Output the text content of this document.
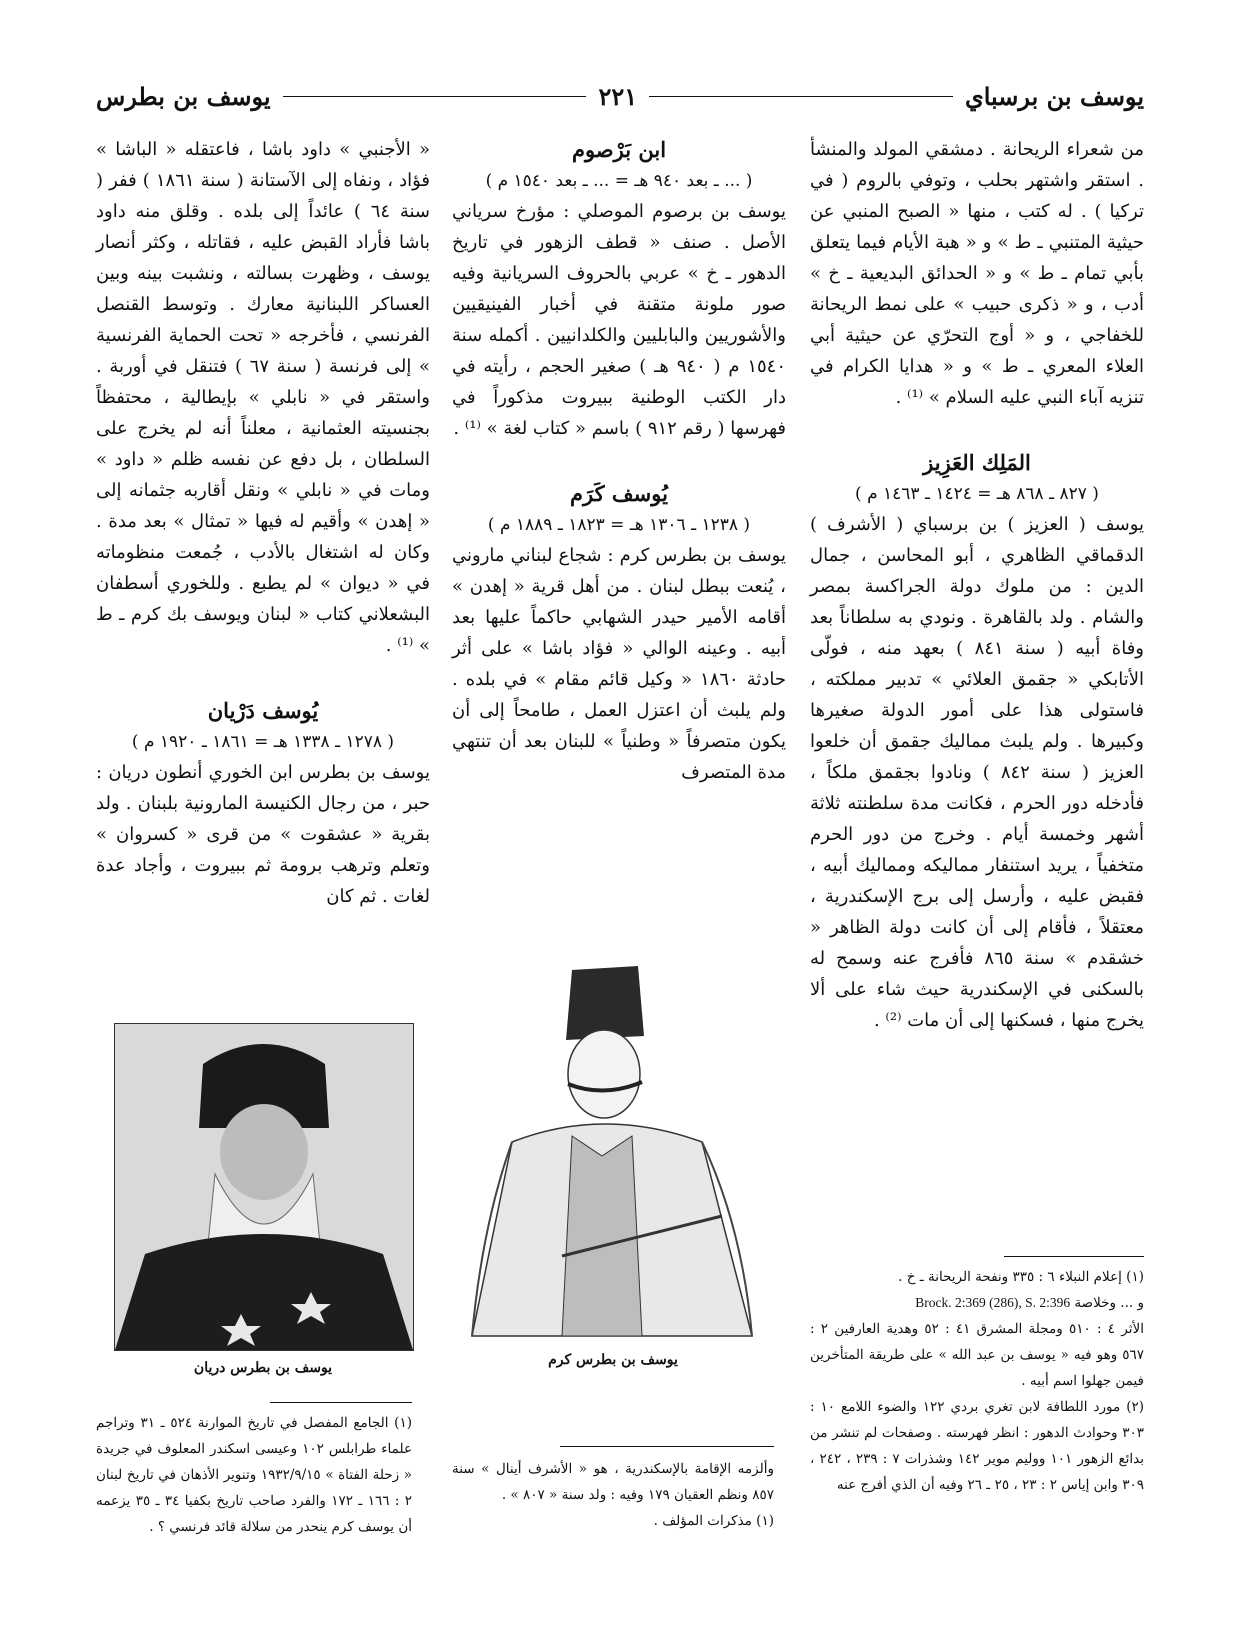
يوسف بن برسباي
٢٢١
يوسف بن بطرس

من شعراء الريحانة . دمشقي المولد والمنشأ . استقر واشتهر بحلب ، وتوفي بالروم ( في تركيا ) . له كتب ، منها « الصبح المنبي عن حيثية المتنبي ـ ط » و « هبة الأيام فيما يتعلق بأبي تمام ـ ط » و « الحدائق البديعية ـ خ » أدب ، و « ذكرى حبيب » على نمط الريحانة للخفاجي ، و « أوج التحرّي عن حيثية أبي العلاء المعري ـ ط » و « هدايا الكرام في تنزيه آباء النبي عليه السلام » ⁽¹⁾ .

المَلِك العَزِيز

( ٨٢٧ ـ ٨٦٨ هـ = ١٤٢٤ ـ ١٤٦٣ م )

يوسف ( العزيز ) بن برسباي ( الأشرف ) الدقماقي الظاهري ، أبو المحاسن ، جمال الدين : من ملوك دولة الجراكسة بمصر والشام . ولد بالقاهرة . ونودي به سلطاناً بعد وفاة أبيه ( سنة ٨٤١ ) بعهد منه ، فولّى الأتابكي « جقمق العلائي » تدبير مملكته ، فاستولى هذا على أمور الدولة صغيرها وكبيرها . ولم يلبث مماليك جقمق أن خلعوا العزيز ( سنة ٨٤٢ ) ونادوا بجقمق ملكاً ، فأدخله دور الحرم ، فكانت مدة سلطنته ثلاثة أشهر وخمسة أيام . وخرج من دور الحرم متخفياً ، يريد استنفار مماليكه ومماليك أبيه ، فقبض عليه ، وأرسل إلى برج الإسكندرية ، معتقلاً ، فأقام إلى أن كانت دولة الظاهر « خشقدم » سنة ٨٦٥ فأفرج عنه وسمح له بالسكنى في الإسكندرية حيث شاء على ألا يخرج منها ، فسكنها إلى أن مات ⁽²⁾ .

ابن بَرْصوم

( ... ـ بعد ٩٤٠ هـ = ... ـ بعد ١٥٤٠ م )

يوسف بن برصوم الموصلي : مؤرخ سرياني الأصل . صنف « قطف الزهور في تاريخ الدهور ـ خ » عربي بالحروف السريانية وفيه صور ملونة متقنة في أخبار الفينيقيين والأشوريين والبابليين والكلدانيين . أكمله سنة ١٥٤٠ م ( ٩٤٠ هـ ) صغير الحجم ، رأيته في دار الكتب الوطنية ببيروت مذكوراً في فهرسها ( رقم ٩١٢ ) باسم « كتاب لغة » ⁽¹⁾ .

يُوسف كَرَم

( ١٢٣٨ ـ ١٣٠٦ هـ = ١٨٢٣ ـ ١٨٨٩ م )

يوسف بن بطرس كرم : شجاع لبناني ماروني ، يُنعت ببطل لبنان . من أهل قرية « إهدن » أقامه الأمير حيدر الشهابي حاكماً عليها بعد أبيه . وعينه الوالي « فؤاد باشا » على أثر حادثة ١٨٦٠ « وكيل قائم مقام » في بلده . ولم يلبث أن اعتزل العمل ، طامحاً إلى أن يكون متصرفاً « وطنياً » للبنان بعد أن تنتهي مدة المتصرف

« الأجنبي » داود باشا ، فاعتقله « الباشا » فؤاد ، ونفاه إلى الآستانة ( سنة ١٨٦١ ) ففر ( سنة ٦٤ ) عائداً إلى بلده . وقلق منه داود باشا فأراد القبض عليه ، فقاتله ، وكثر أنصار يوسف ، وظهرت بسالته ، ونشبت بينه وبين العساكر اللبنانية معارك . وتوسط القنصل الفرنسي ، فأخرجه « تحت الحماية الفرنسية » إلى فرنسة ( سنة ٦٧ ) فتنقل في أوربة . واستقر في « نابلي » بإيطالية ، محتفظاً بجنسيته العثمانية ، معلناً أنه لم يخرج على السلطان ، بل دفع عن نفسه ظلم « داود » ومات في « نابلي » ونقل أقاربه جثمانه إلى « إهدن » وأقيم له فيها « تمثال » بعد مدة . وكان له اشتغال بالأدب ، جُمعت منظوماته في « ديوان » لم يطبع . وللخوري أسطفان البشعلاني كتاب « لبنان ويوسف بك كرم ـ ط » ⁽¹⁾ .

يُوسف دَرْيان

( ١٢٧٨ ـ ١٣٣٨ هـ = ١٨٦١ ـ ١٩٢٠ م )

يوسف بن بطرس ابن الخوري أنطون دريان : حبر ، من رجال الكنيسة المارونية بلبنان . ولد بقرية « عشقوت » من قرى « كسروان » وتعلم وترهب برومة ثم ببيروت ، وأجاد عدة لغات . ثم كان

يوسف بن بطرس كرم
يوسف بن بطرس دريان

(١) إعلام النبلاء ٦ : ٣٣٥ ونفحة الريحانة ـ خ .

و ... وخلاصة Brock. 2:369 (286), S. 2:396

الأثر ٤ : ٥١٠ ومجلة المشرق ٤١ : ٥٢ وهدية العارفين ٢ : ٥٦٧ وهو فيه « يوسف بن عبد الله » على طريقة المتأخرين فيمن جهلوا اسم أبيه .

(٢) مورد اللطافة لابن تغري بردي ١٢٢ والضوء اللامع ١٠ : ٣٠٣ وحوادث الدهور : انظر فهرسته . وصفحات لم تنشر من بدائع الزهور ١٠١ وولیم موير ١٤٢ وشذرات ٧ : ٢٣٩ ، ٢٤٢ ، ٣٠٩ وابن إياس ٢ : ٢٣ ، ٢٥ ـ ٢٦ وفيه أن الذي أفرج عنه

وألزمه الإقامة بالإسكندرية ، هو « الأشرف أينال » سنة ٨٥٧ ونظم العقيان ١٧٩ وفيه : ولد سنة « ٨٠٧ » .

(١) مذكرات المؤلف .

(١) الجامع المفصل في تاريخ الموارنة ٥٢٤ ـ ٣١ وتراجم علماء طرابلس ١٠٢ وعيسى اسكندر المعلوف في جريدة « زحلة الفتاة » ١٩٣٢/٩/١٥ وتنوير الأذهان في تاريخ لبنان ٢ : ١٦٦ ـ ١٧٢ والفرد صاحب تاريخ بكفيا ٣٤ ـ ٣٥ يزعمه أن يوسف كرم ينحدر من سلالة قائد فرنسي ؟ .
